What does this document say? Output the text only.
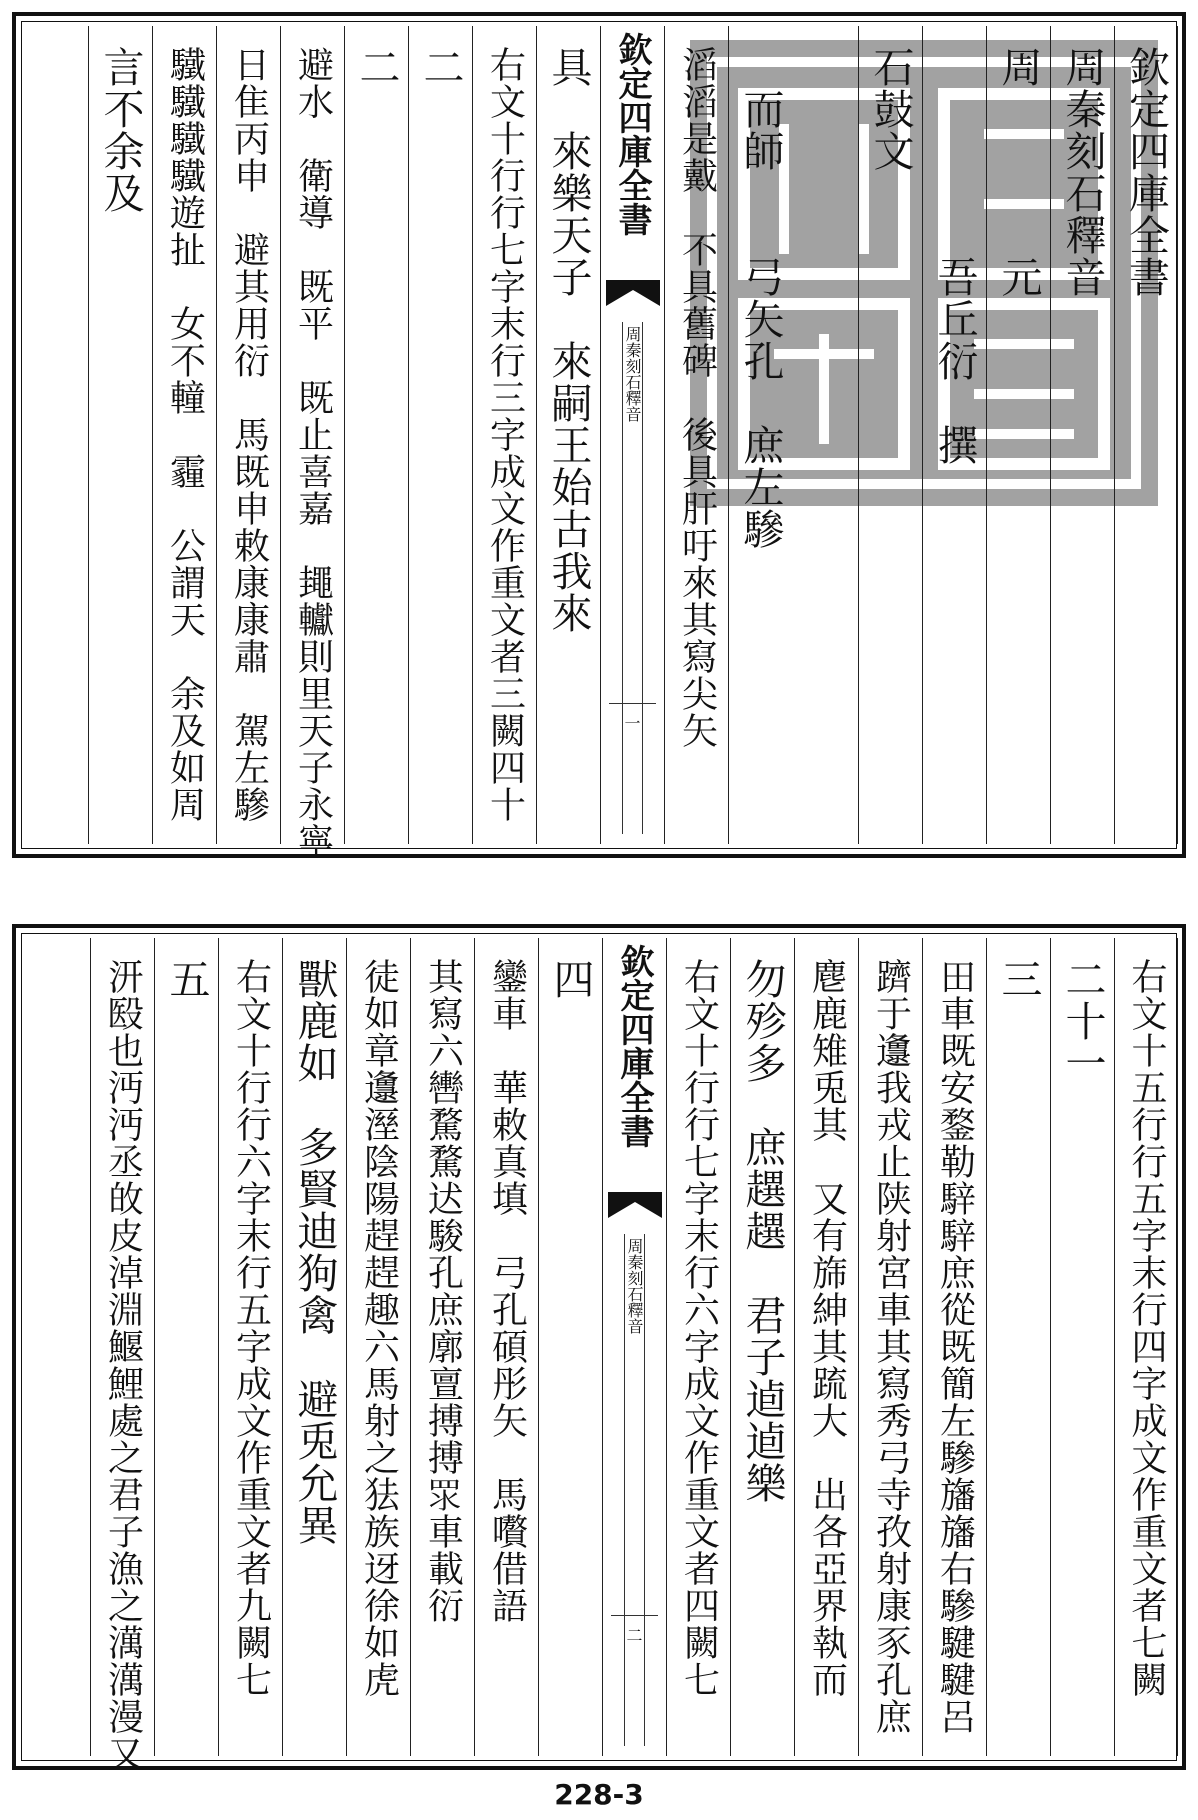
欽定四庫全書
周秦刻石釋音
周　　　　元
　　　　　吾丘衍　撰
石鼓文
　而師　　弓矢孔　庶左驂
滔滔是戴　不具舊碑　後具肝吁來其寫尖矢
欽定四庫全書
周秦刻石釋音
一
具　來樂天子　來嗣王始古我來
右文十行行七字末行三字成文作重文者三闕四十
二
二
避水　衛導　既平　既止喜嘉　䵷䡾則里天子永寧
日隹丙申　避其用衍　馬既申敕康康肅　駕左驂
驖驖驖驖遊扯　女不䡴　霾　公謂天　余及如周
言不余及
右文十五行行五字末行四字成文作重文者七闕
二十一
三
田車既安鍪勒騂騂庶從既簡左驂旛旛右驂騝騝呂
躋于邍我戎止陕射宮車其寫秀弓寺孜射康豕孔庶
麀鹿雉兎其　又有旆紳其䟽大　出各亞界執而
勿殄多　庶趩趩　君子逌逌樂
右文十行行七字末行六字成文作重文者四闕七
欽定四庫全書
周秦刻石釋音
二
四
鑾車　華敕真填　弓孔碩彤矢　馬嚽借語
其寫六轡騖騖迖駿孔庶廓亶搏搏𥄳車載衍
徒如章邍溼陰陽趕趕趣六馬射之㹤族迓徐如虎
獸鹿如　多賢迪狗禽　避兎允異
右文十行行六字末行五字成文作重文者九闕七
五
汧殹也沔沔丞敀皮淖淵鰋鯉處之君子漁之澫澫漫又
228-3
